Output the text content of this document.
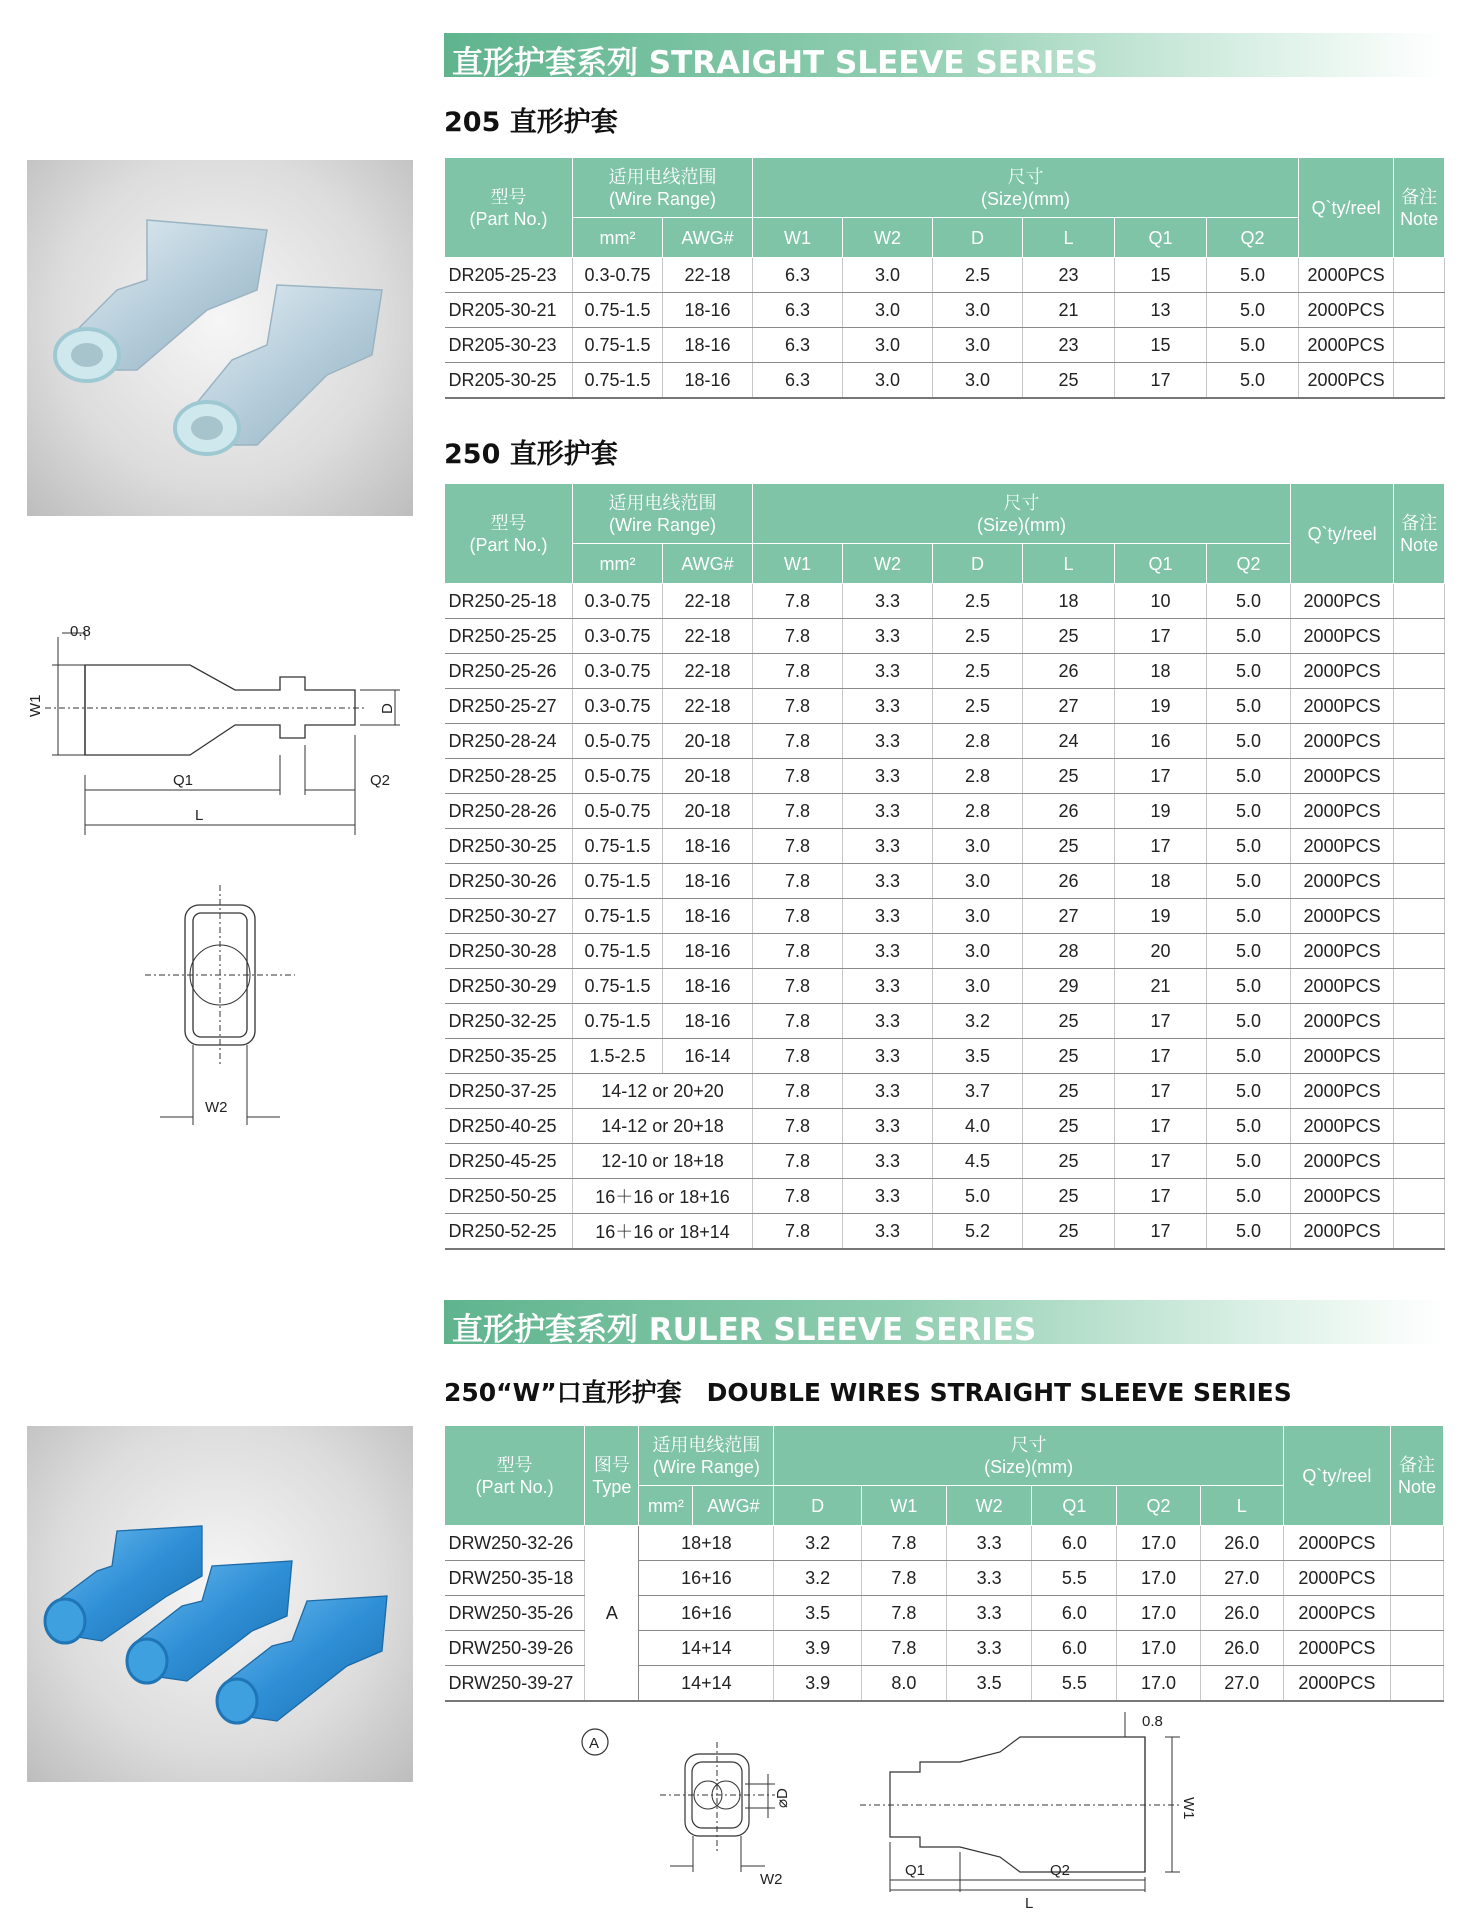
直形护套系列 STRAIGHT SLEEVE SERIES
205 直形护套
型号
(Part No.)	适用电线范围
(Wire Range)		尺寸
(Size)(mm)						Q`ty/reel	备注
Note
	mm²	AWG#	W1	W2	D	L	Q1	Q2		
DR205-25-23	0.3-0.75	22-18	6.3	3.0	2.5	23	15	5.0	2000PCS	
DR205-30-21	0.75-1.5	18-16	6.3	3.0	3.0	21	13	5.0	2000PCS	
DR205-30-23	0.75-1.5	18-16	6.3	3.0	3.0	23	15	5.0	2000PCS	
DR205-30-25	0.75-1.5	18-16	6.3	3.0	3.0	25	17	5.0	2000PCS	
250 直形护套
型号
(Part No.)	适用电线范围
(Wire Range)		尺寸
(Size)(mm)						Q`ty/reel	备注
Note
	mm²	AWG#	W1	W2	D	L	Q1	Q2		
DR250-25-18	0.3-0.75	22-18	7.8	3.3	2.5	18	10	5.0	2000PCS	
DR250-25-25	0.3-0.75	22-18	7.8	3.3	2.5	25	17	5.0	2000PCS	
DR250-25-26	0.3-0.75	22-18	7.8	3.3	2.5	26	18	5.0	2000PCS	
DR250-25-27	0.3-0.75	22-18	7.8	3.3	2.5	27	19	5.0	2000PCS	
DR250-28-24	0.5-0.75	20-18	7.8	3.3	2.8	24	16	5.0	2000PCS	
DR250-28-25	0.5-0.75	20-18	7.8	3.3	2.8	25	17	5.0	2000PCS	
DR250-28-26	0.5-0.75	20-18	7.8	3.3	2.8	26	19	5.0	2000PCS	
DR250-30-25	0.75-1.5	18-16	7.8	3.3	3.0	25	17	5.0	2000PCS	
DR250-30-26	0.75-1.5	18-16	7.8	3.3	3.0	26	18	5.0	2000PCS	
DR250-30-27	0.75-1.5	18-16	7.8	3.3	3.0	27	19	5.0	2000PCS	
DR250-30-28	0.75-1.5	18-16	7.8	3.3	3.0	28	20	5.0	2000PCS	
DR250-30-29	0.75-1.5	18-16	7.8	3.3	3.0	29	21	5.0	2000PCS	
DR250-32-25	0.75-1.5	18-16	7.8	3.3	3.2	25	17	5.0	2000PCS	
DR250-35-25	1.5-2.5	16-14	7.8	3.3	3.5	25	17	5.0	2000PCS	
DR250-37-25	14-12 or 20+20		7.8	3.3	3.7	25	17	5.0	2000PCS	
DR250-40-25	14-12 or 20+18		7.8	3.3	4.0	25	17	5.0	2000PCS	
DR250-45-25	12-10 or 18+18		7.8	3.3	4.5	25	17	5.0	2000PCS	
DR250-50-25	16＋16 or 18+16		7.8	3.3	5.0	25	17	5.0	2000PCS	
DR250-52-25	16＋16 or 18+14		7.8	3.3	5.2	25	17	5.0	2000PCS	
0.8
W1	D
Q1	Q2
L
W2
直形护套系列 RULER SLEEVE SERIES
250“W”口直形护套　DOUBLE WIRES STRAIGHT SLEEVE SERIES
型号
(Part No.)	图号
Type	适用电线范围
(Wire Range)		尺寸
(Size)(mm)						Q`ty/reel	备注
Note
		mm²	AWG#	D	W1	W2	Q1	Q2	L		
DRW250-32-26	A	18+18		3.2	7.8	3.3	6.0	17.0	26.0	2000PCS	
DRW250-35-18		16+16		3.2	7.8	3.3	5.5	17.0	27.0	2000PCS	
DRW250-35-26		16+16		3.5	7.8	3.3	6.0	17.0	26.0	2000PCS	
DRW250-39-26		14+14		3.9	7.8	3.3	6.0	17.0	26.0	2000PCS	
DRW250-39-27		14+14		3.9	8.0	3.5	5.5	17.0	27.0	2000PCS	
A
⌀D
W2
0.8
W1
Q1	Q2
L
